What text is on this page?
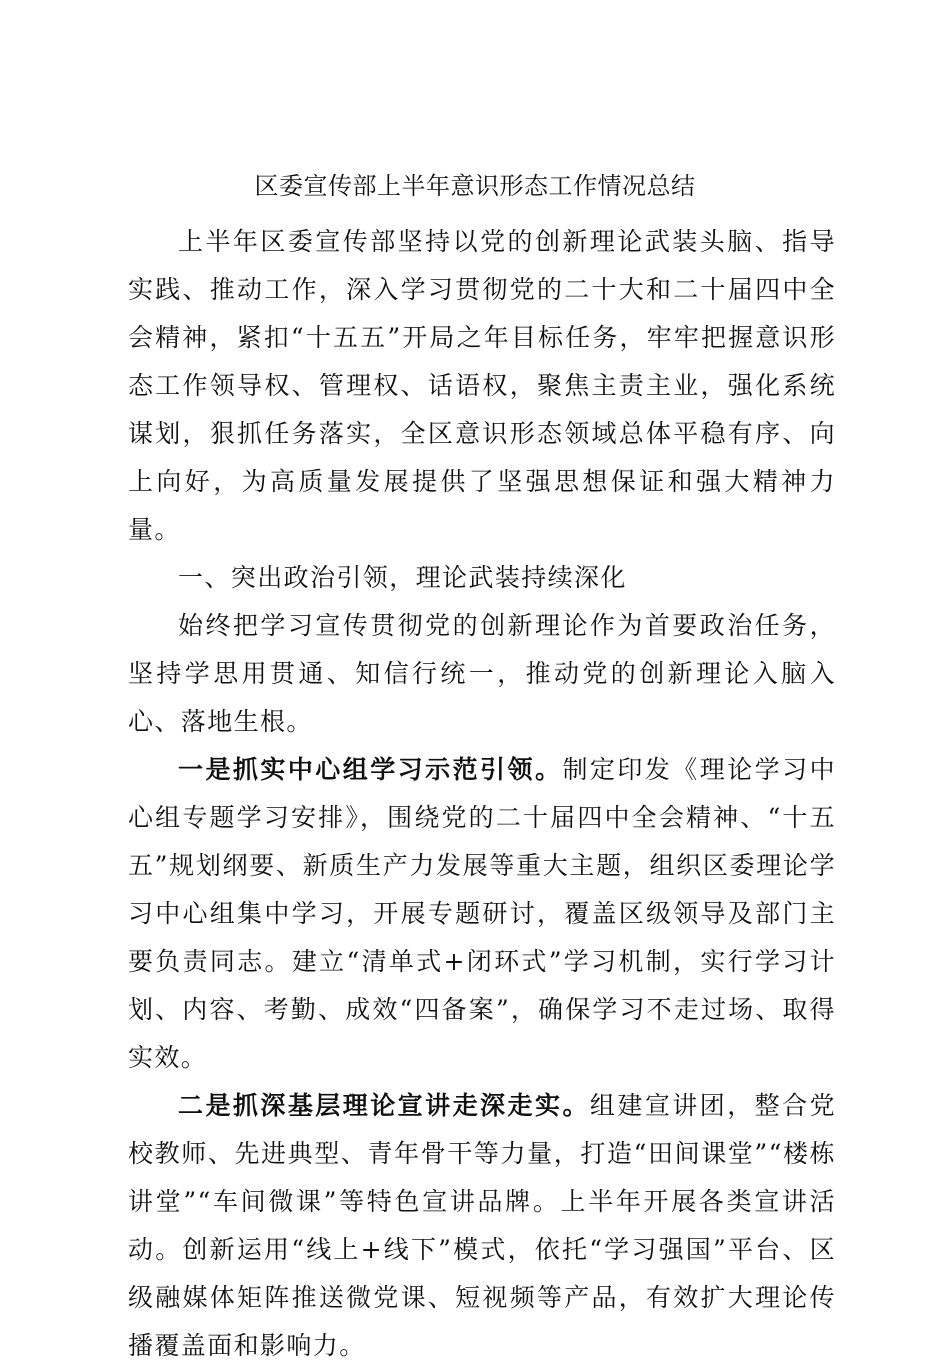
区委宣传部上半年意识形态工作情况总结

上半年区委宣传部坚持以党的创新理论武装头脑、指导实践、推动工作，深入学习贯彻党的二十大和二十届四中全会精神，紧扣“十五五”开局之年目标任务，牢牢把握意识形态工作领导权、管理权、话语权，聚焦主责主业，强化系统谋划，狠抓任务落实，全区意识形态领域总体平稳有序、向上向好，为高质量发展提供了坚强思想保证和强大精神力量。

一、突出政治引领，理论武装持续深化

始终把学习宣传贯彻党的创新理论作为首要政治任务，坚持学思用贯通、知信行统一，推动党的创新理论入脑入心、落地生根。

一是抓实中心组学习示范引领。制定印发《理论学习中心组专题学习安排》，围绕党的二十届四中全会精神、“十五五”规划纲要、新质生产力发展等重大主题，组织区委理论学习中心组集中学习，开展专题研讨，覆盖区级领导及部门主要负责同志。建立“清单式+闭环式”学习机制，实行学习计划、内容、考勤、成效“四备案”，确保学习不走过场、取得实效。

二是抓深基层理论宣讲走深走实。组建宣讲团，整合党校教师、先进典型、青年骨干等力量，打造“田间课堂”“楼栋讲堂”“车间微课”等特色宣讲品牌。上半年开展各类宣讲活动。创新运用“线上+线下”模式，依托“学习强国”平台、区级融媒体矩阵推送微党课、短视频等产品，有效扩大理论传播覆盖面和影响力。
